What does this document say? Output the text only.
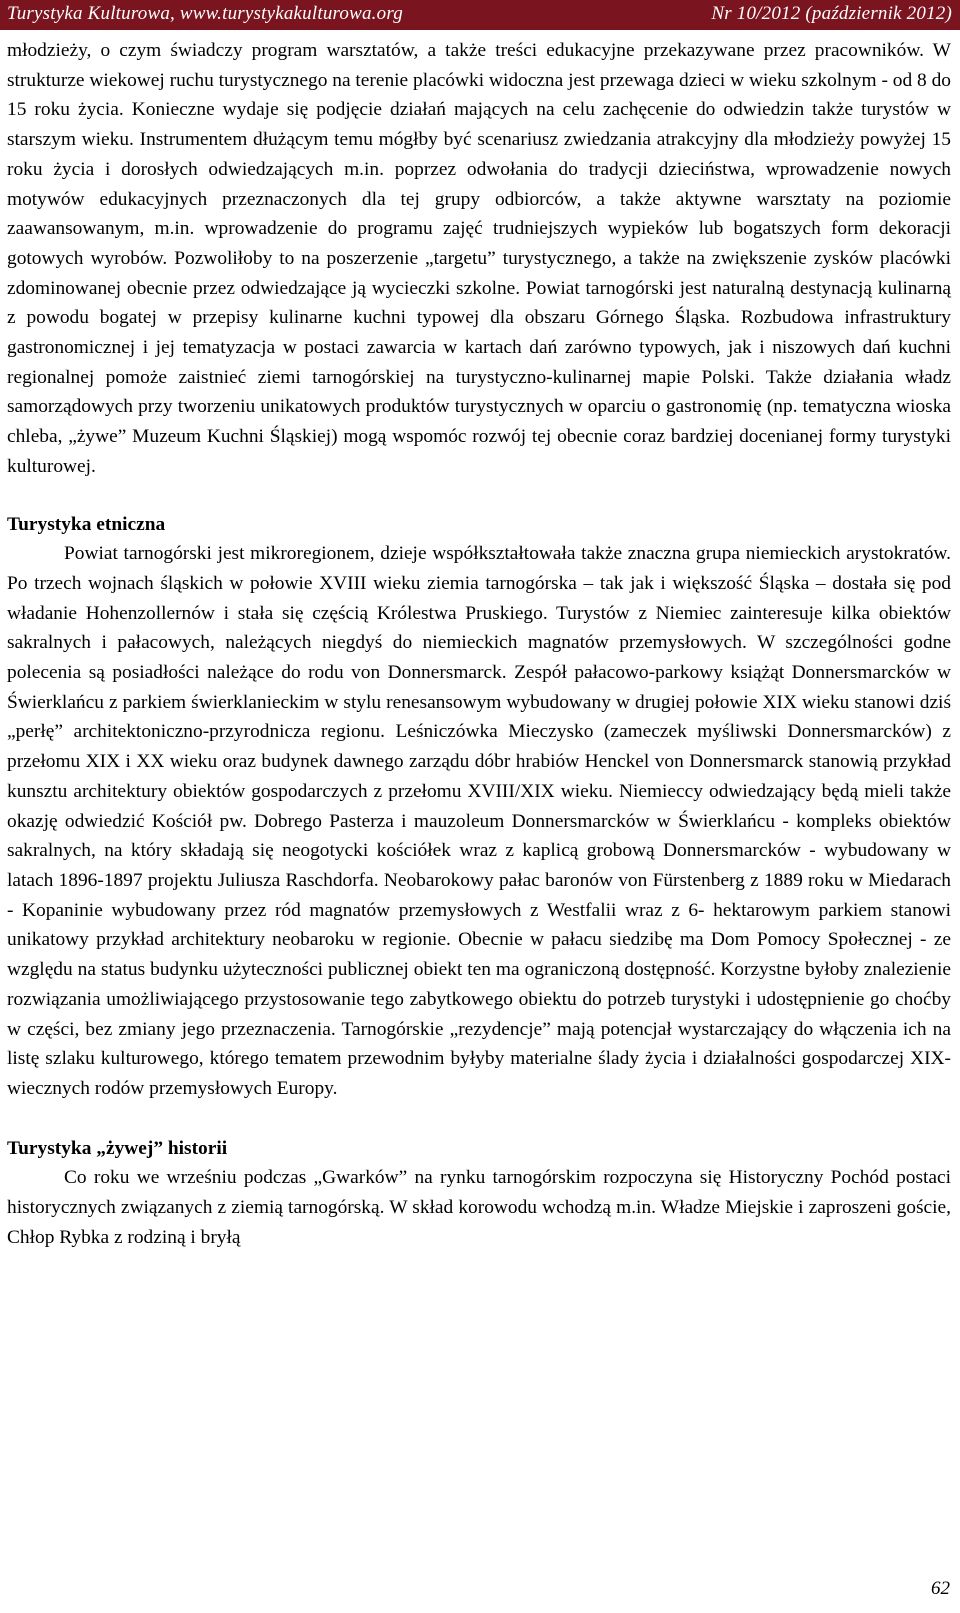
Turystyka Kulturowa, www.turystykakulturowa.org	Nr 10/2012 (październik 2012)

młodzieży, o czym świadczy program warsztatów, a także treści edukacyjne przekazywane przez pracowników. W strukturze wiekowej ruchu turystycznego na terenie placówki widoczna jest przewaga dzieci w wieku szkolnym - od 8 do 15 roku życia. Konieczne wydaje się podjęcie działań mających na celu zachęcenie do odwiedzin także turystów w starszym wieku. Instrumentem dłużącym temu mógłby być scenariusz zwiedzania atrakcyjny dla młodzieży powyżej 15 roku życia i dorosłych odwiedzających m.in. poprzez odwołania do tradycji dzieciństwa, wprowadzenie nowych motywów edukacyjnych przeznaczonych dla tej grupy odbiorców, a także aktywne warsztaty na poziomie zaawansowanym, m.in. wprowadzenie do programu zajęć trudniejszych wypieków lub bogatszych form dekoracji gotowych wyrobów. Pozwoliłoby to na poszerzenie „targetu” turystycznego, a także na zwiększenie zysków placówki zdominowanej obecnie przez odwiedzające ją wycieczki szkolne. Powiat tarnogórski jest naturalną destynacją kulinarną z powodu bogatej w przepisy kulinarne kuchni typowej dla obszaru Górnego Śląska. Rozbudowa infrastruktury gastronomicznej i jej tematyzacja w postaci zawarcia w kartach dań zarówno typowych, jak i niszowych dań kuchni regionalnej pomoże zaistnieć ziemi tarnogórskiej na turystyczno-kulinarnej mapie Polski. Także działania władz samorządowych przy tworzeniu unikatowych produktów turystycznych w oparciu o gastronomię (np. tematyczna wioska chleba, „żywe” Muzeum Kuchni Śląskiej) mogą wspomóc rozwój tej obecnie coraz bardziej docenianej formy turystyki kulturowej.

Turystyka etniczna

Powiat tarnogórski jest mikroregionem, dzieje współkształtowała także znaczna grupa niemieckich arystokratów. Po trzech wojnach śląskich w połowie XVIII wieku ziemia tarnogórska – tak jak i większość Śląska – dostała się pod władanie Hohenzollernów i stała się częścią Królestwa Pruskiego. Turystów z Niemiec zainteresuje kilka obiektów sakralnych i pałacowych, należących niegdyś do niemieckich magnatów przemysłowych. W szczególności godne polecenia są posiadłości należące do rodu von Donnersmarck. Zespół pałacowo-parkowy książąt Donnersmarcków w Świerklańcu z parkiem świerklanieckim w stylu renesansowym wybudowany w drugiej połowie XIX wieku stanowi dziś „perłę” architektoniczno-przyrodnicza regionu. Leśniczówka Mieczysko (zameczek myśliwski Donnersmarcków) z przełomu XIX i XX wieku oraz budynek dawnego zarządu dóbr hrabiów Henckel von Donnersmarck stanowią przykład kunsztu architektury obiektów gospodarczych z przełomu XVIII/XIX wieku. Niemieccy odwiedzający będą mieli także okazję odwiedzić Kościół pw. Dobrego Pasterza i mauzoleum Donnersmarcków w Świerklańcu - kompleks obiektów sakralnych, na który składają się neogotycki kościółek wraz z kaplicą grobową Donnersmarcków - wybudowany w latach 1896-1897 projektu Juliusza Raschdorfa. Neobarokowy pałac baronów von Fürstenberg z 1889 roku w Miedarach - Kopaninie wybudowany przez ród magnatów przemysłowych z Westfalii wraz z 6- hektarowym parkiem stanowi unikatowy przykład architektury neobaroku w regionie. Obecnie w pałacu siedzibę ma Dom Pomocy Społecznej - ze względu na status budynku użyteczności publicznej obiekt ten ma ograniczoną dostępność. Korzystne byłoby znalezienie rozwiązania umożliwiającego przystosowanie tego zabytkowego obiektu do potrzeb turystyki i udostępnienie go choćby w części, bez zmiany jego przeznaczenia. Tarnogórskie „rezydencje” mają potencjał wystarczający do włączenia ich na listę szlaku kulturowego, którego tematem przewodnim byłyby materialne ślady życia i działalności gospodarczej XIX-wiecznych rodów przemysłowych Europy.

Turystyka „żywej” historii

Co roku we wrześniu podczas „Gwarków” na rynku tarnogórskim rozpoczyna się Historyczny Pochód postaci historycznych związanych z ziemią tarnogórską. W skład korowodu wchodzą m.in. Władze Miejskie i zaproszeni goście, Chłop Rybka z rodziną i bryłą

62
